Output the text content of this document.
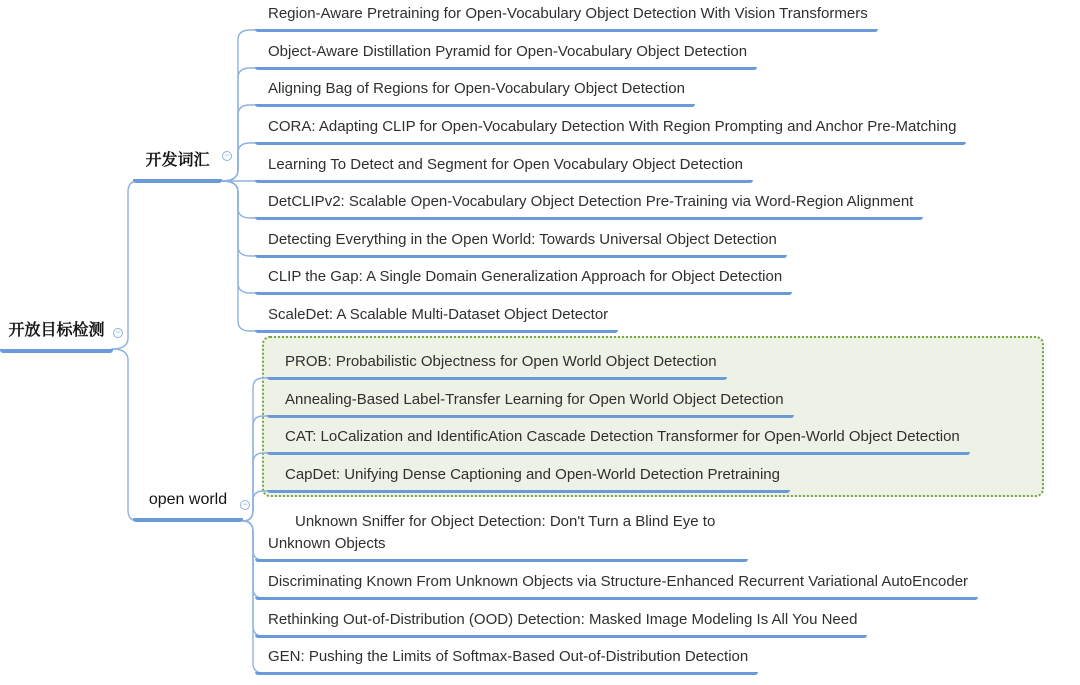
开放目标检测
开发词汇
open world
−
−
−
Region-Aware Pretraining for Open-Vocabulary Object Detection With Vision Transformers
Object-Aware Distillation Pyramid for Open-Vocabulary Object Detection
Aligning Bag of Regions for Open-Vocabulary Object Detection
CORA: Adapting CLIP for Open-Vocabulary Detection With Region Prompting and Anchor Pre-Matching
Learning To Detect and Segment for Open Vocabulary Object Detection
DetCLIPv2: Scalable Open-Vocabulary Object Detection Pre-Training via Word-Region Alignment
Detecting Everything in the Open World: Towards Universal Object Detection
CLIP the Gap: A Single Domain Generalization Approach for Object Detection
ScaleDet: A Scalable Multi-Dataset Object Detector
PROB: Probabilistic Objectness for Open World Object Detection
Annealing-Based Label-Transfer Learning for Open World Object Detection
CAT: LoCalization and IdentificAtion Cascade Detection Transformer for Open-World Object Detection
CapDet: Unifying Dense Captioning and Open-World Detection Pretraining
Unknown Sniffer for Object Detection: Don't Turn a Blind Eye to Unknown Objects
Discriminating Known From Unknown Objects via Structure-Enhanced Recurrent Variational AutoEncoder
Rethinking Out-of-Distribution (OOD) Detection: Masked Image Modeling Is All You Need
GEN: Pushing the Limits of Softmax-Based Out-of-Distribution Detection
